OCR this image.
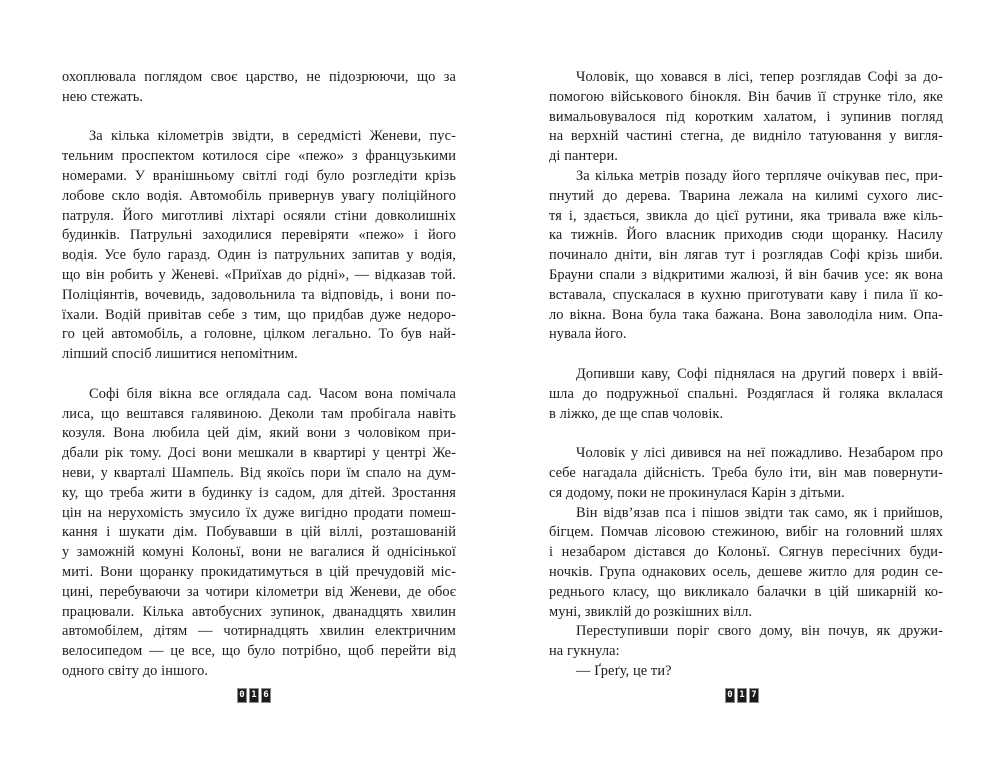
охоплювала поглядом своє царство, не підозрюючи, що за
нею стежать.
За кілька кілометрів звідти, в середмісті Женеви, пус-
тельним проспектом котилося сіре «пежо» з французькими
номерами. У вранішньому світлі годі було розгледіти крізь
лобове скло водія. Автомобіль привернув увагу поліційного
патруля. Його миготливі ліхтарі осяяли стіни довколишніх
будинків. Патрульні заходилися перевіряти «пежо» і його
водія. Усе було гаразд. Один із патрульних запитав у водія,
що він робить у Женеві. «Приїхав до рідні», — відказав той.
Поліціянтів, вочевидь, задовольнила та відповідь, і вони по-
їхали. Водій привітав себе з тим, що придбав дуже недоро-
го цей автомобіль, а головне, цілком легально. То був най-
ліпший спосіб лишитися непомітним.
Софі біля вікна все оглядала сад. Часом вона помічала
лиса, що вештався галявиною. Деколи там пробігала навіть
козуля. Вона любила цей дім, який вони з чоловіком при-
дбали рік тому. Досі вони мешкали в квартирі у центрі Же-
неви, у кварталі Шампель. Від якоїсь пори їм спало на дум-
ку, що треба жити в будинку із садом, для дітей. Зростання
цін на нерухомість змусило їх дуже вигідно продати помеш-
кання і шукати дім. Побувавши в цій віллі, розташованій
у заможній комуні Колоньї, вони не вагалися й однісінької
миті. Вони щоранку прокидатимуться в цій пречудовій міс-
цині, перебуваючи за чотири кілометри від Женеви, де обоє
працювали. Кілька автобусних зупинок, дванадцять хвилин
автомобілем, дітям — чотирнадцять хвилин електричним
велосипедом — це все, що було потрібно, щоб перейти від
одного світу до іншого.
Чоловік, що ховався в лісі, тепер розглядав Софі за до-
помогою військового бінокля. Він бачив її струнке тіло, яке
вимальовувалося під коротким халатом, і зупинив погляд
на верхній частині стегна, де видніло татуювання у вигля-
ді пантери.
За кілька метрів позаду його терпляче очікував пес, при-
пнутий до дерева. Тварина лежала на килимі сухого лис-
тя і, здається, звикла до цієї рутини, яка тривала вже кіль-
ка тижнів. Його власник приходив сюди щоранку. Насилу
починало дніти, він лягав тут і розглядав Софі крізь шиби.
Брауни спали з відкритими жалюзі, й він бачив усе: як вона
вставала, спускалася в кухню приготувати каву і пила її ко-
ло вікна. Вона була така бажана. Вона заволоділа ним. Опа-
нувала його.
Допивши каву, Софі піднялася на другий поверх і ввій-
шла до подружньої спальні. Роздяглася й голяка вклалася
в ліжко, де ще спав чоловік.
Чоловік у лісі дивився на неї пожадливо. Незабаром про
себе нагадала дійсність. Треба було іти, він мав повернути-
ся додому, поки не прокинулася Карін з дітьми.
Він відв’язав пса і пішов звідти так само, як і прийшов,
бігцем. Помчав лісовою стежиною, вибіг на головний шлях
і незабаром дістався до Колоньї. Сягнув пересічних буди-
ночків. Група однакових осель, дешеве житло для родин се-
реднього класу, що викликало балачки в цій шикарній ко-
муні, звиклій до розкішних вілл.
Переступивши поріг свого дому, він почув, як дружи-
на гукнула:
— Ґреґу, це ти?
0 1 6	0 1 7
